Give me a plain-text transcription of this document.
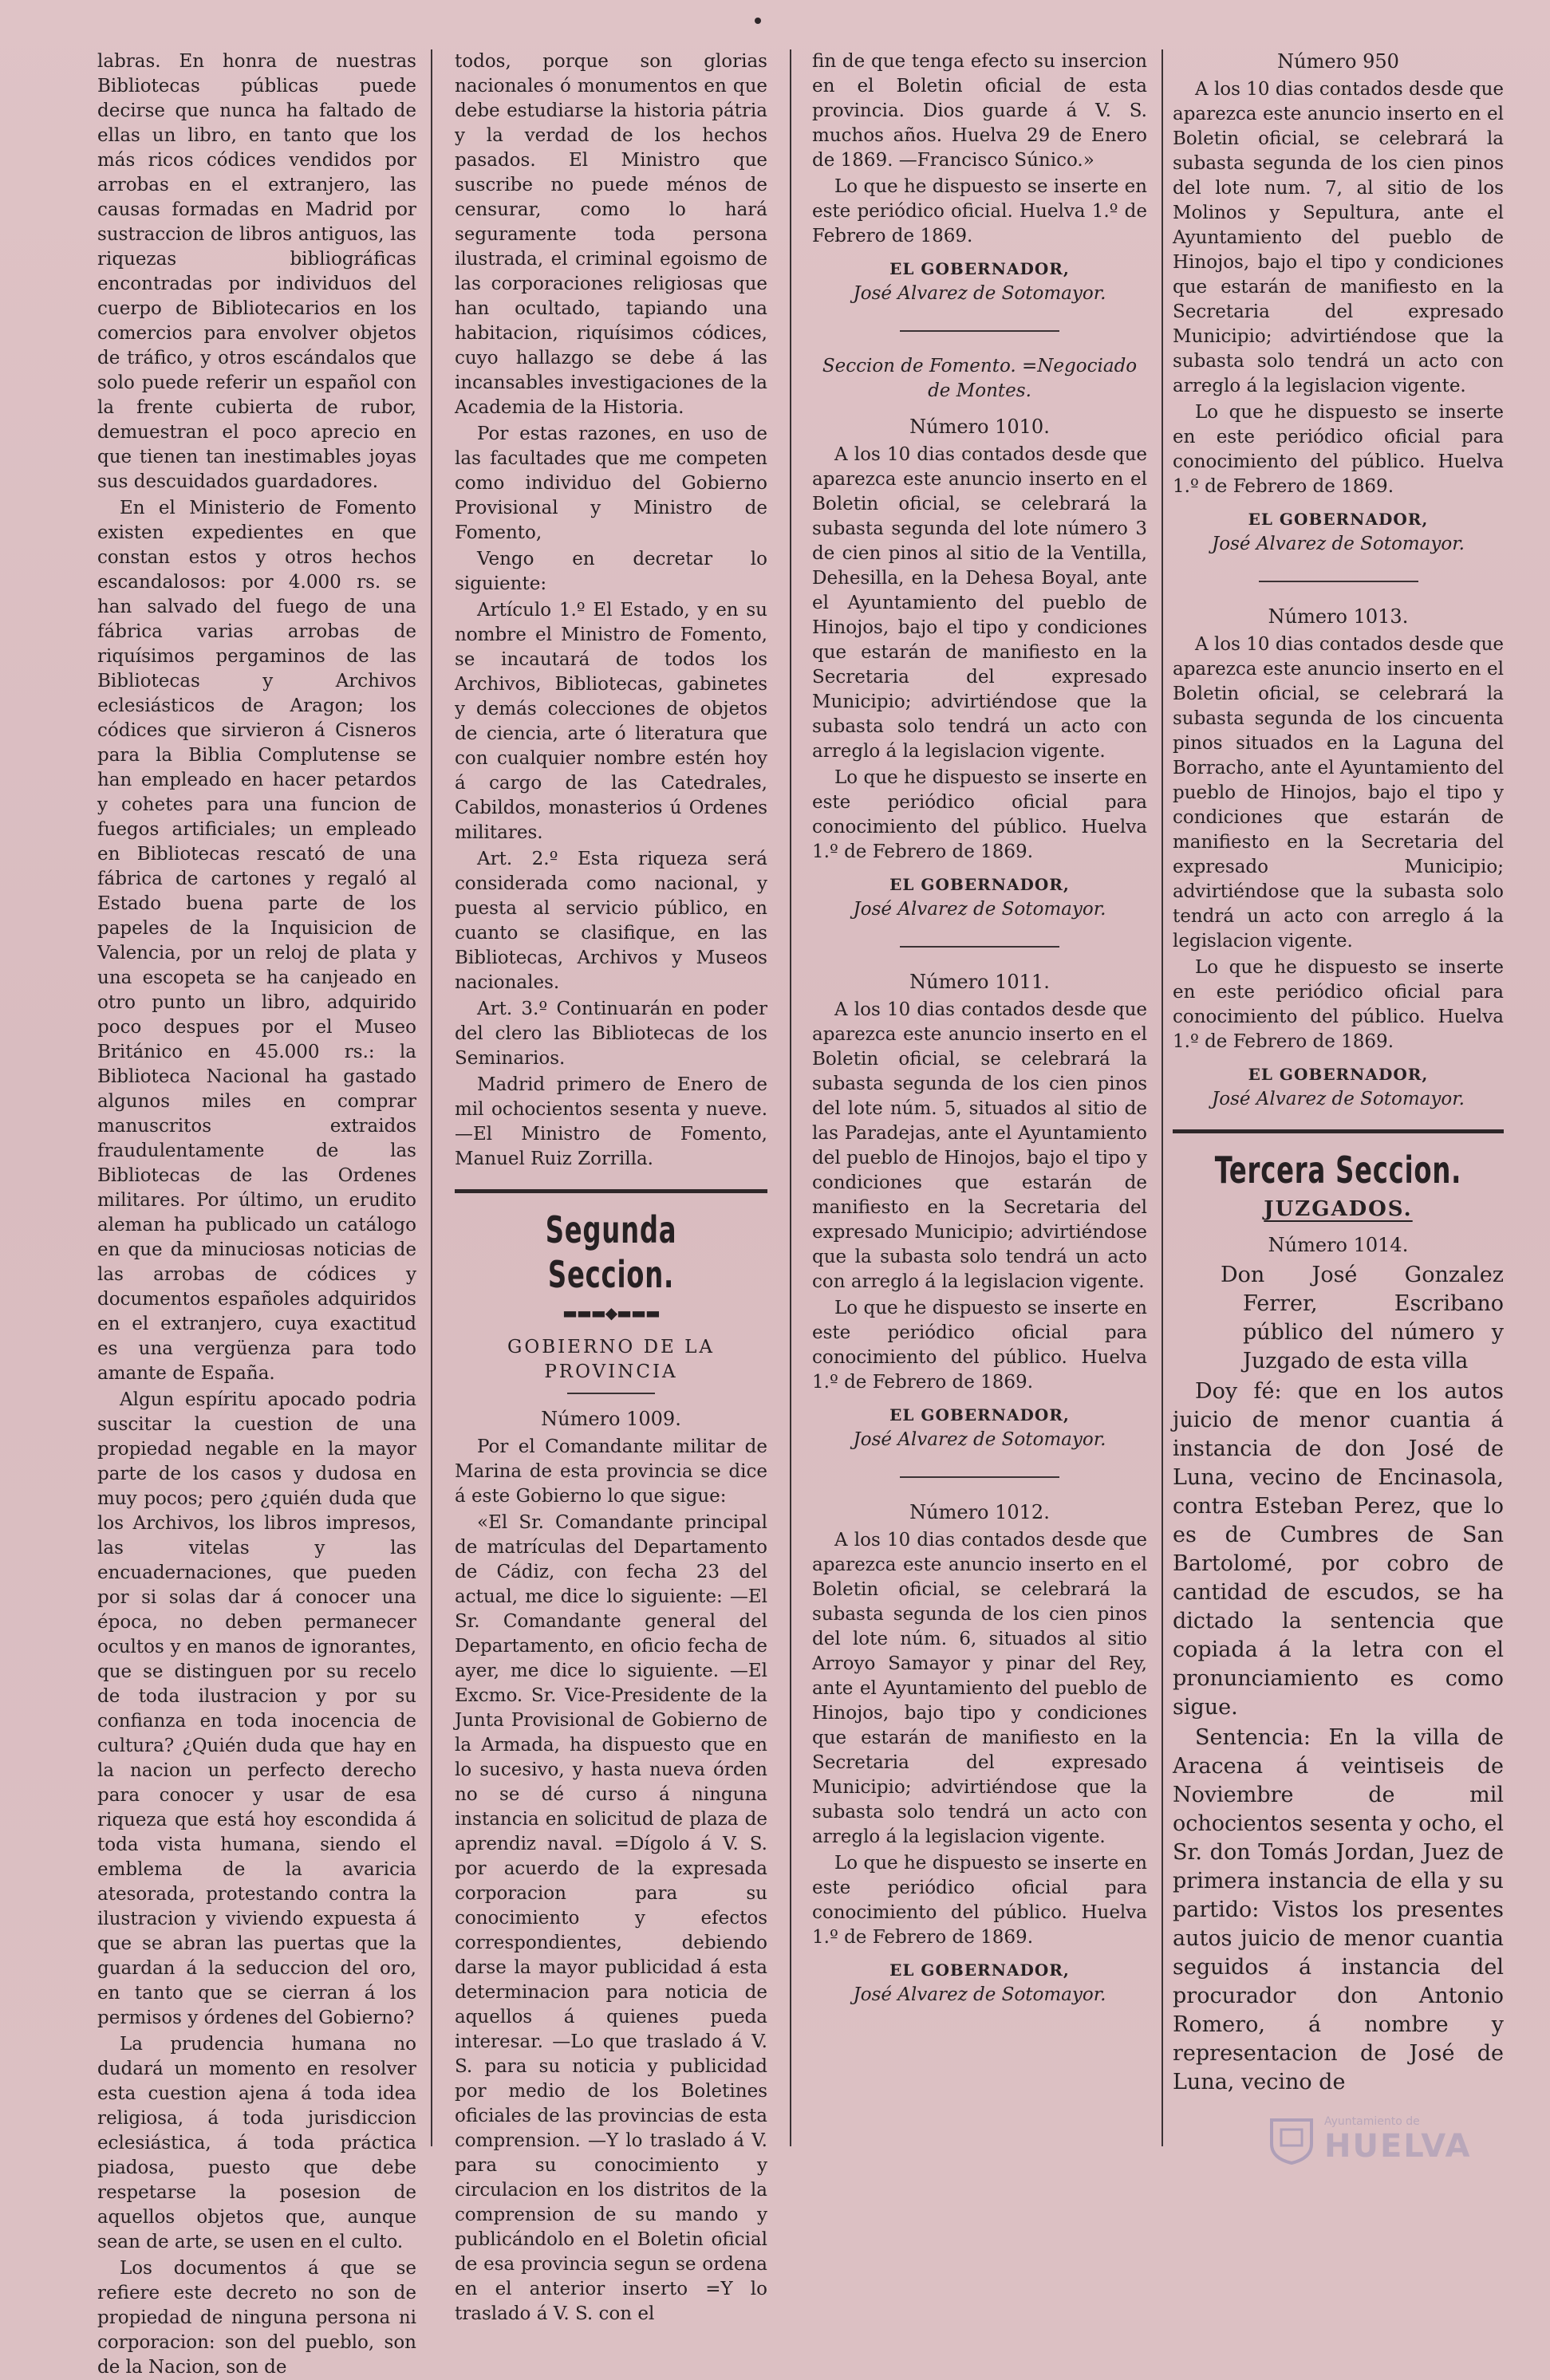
labras. En honra de nuestras Bibliotecas públicas puede decirse que nunca ha faltado de ellas un libro, en tanto que los más ricos códices vendidos por arrobas en el extranjero, las causas formadas en Madrid por sustraccion de libros antiguos, las riquezas bibliográficas encontradas por individuos del cuerpo de Bibliotecarios en los comercios para envolver objetos de tráfico, y otros escándalos que solo puede referir un español con la frente cubierta de rubor, demuestran el poco aprecio en que tienen tan inestimables joyas sus descuidados guardadores.

En el Ministerio de Fomento existen expedientes en que constan estos y otros hechos escandalosos: por 4.000 rs. se han salvado del fuego de una fábrica varias arrobas de riquísimos pergaminos de las Bibliotecas y Archivos eclesiásticos de Aragon; los códices que sirvieron á Cisneros para la Biblia Complutense se han empleado en hacer petardos y cohetes para una funcion de fuegos artificiales; un empleado en Bibliotecas rescató de una fábrica de cartones y regaló al Estado buena parte de los papeles de la Inquisicion de Valencia, por un reloj de plata y una escopeta se ha canjeado en otro punto un libro, adquirido poco despues por el Museo Británico en 45.000 rs.: la Biblioteca Nacional ha gastado algunos miles en comprar manuscritos extraidos fraudulentamente de las Bibliotecas de las Ordenes militares. Por último, un erudito aleman ha publicado un catálogo en que da minuciosas noticias de las arrobas de códices y documentos españoles adquiridos en el extranjero, cuya exactitud es una vergüenza para todo amante de España.

Algun espíritu apocado podria suscitar la cuestion de una propiedad negable en la mayor parte de los casos y dudosa en muy pocos; pero ¿quién duda que los Archivos, los libros impresos, las vitelas y las encuadernaciones, que pueden por si solas dar á conocer una época, no deben permanecer ocultos y en manos de ignorantes, que se distinguen por su recelo de toda ilustracion y por su confianza en toda inocencia de cultura? ¿Quién duda que hay en la nacion un perfecto derecho para conocer y usar de esa riqueza que está hoy escondida á toda vista humana, siendo el emblema de la avaricia atesorada, protestando contra la ilustracion y viviendo expuesta á que se abran las puertas que la guardan á la seduccion del oro, en tanto que se cierran á los permisos y órdenes del Gobierno?

La prudencia humana no dudará un momento en resolver esta cuestion ajena á toda idea religiosa, á toda jurisdiccion eclesiástica, á toda práctica piadosa, puesto que debe respetarse la posesion de aquellos objetos que, aunque sean de arte, se usen en el culto.

Los documentos á que se refiere este decreto no son de propiedad de ninguna persona ni corporacion: son del pueblo, son de la Nacion, son de

todos, porque son glorias nacionales ó monumentos en que debe estudiarse la historia pátria y la verdad de los hechos pasados. El Ministro que suscribe no puede ménos de censurar, como lo hará seguramente toda persona ilustrada, el criminal egoismo de las corporaciones religiosas que han ocultado, tapiando una habitacion, riquísimos códices, cuyo hallazgo se debe á las incansables investigaciones de la Academia de la Historia.

Por estas razones, en uso de las facultades que me competen como individuo del Gobierno Provisional y Ministro de Fomento,

Vengo en decretar lo siguiente:

Artículo 1.º El Estado, y en su nombre el Ministro de Fomento, se incautará de todos los Archivos, Bibliotecas, gabinetes y demás colecciones de objetos de ciencia, arte ó literatura que con cualquier nombre estén hoy á cargo de las Catedrales, Cabildos, monasterios ú Ordenes militares.

Art. 2.º Esta riqueza será considerada como nacional, y puesta al servicio público, en cuanto se clasifique, en las Bibliotecas, Archivos y Museos nacionales.

Art. 3.º Continuarán en poder del clero las Bibliotecas de los Seminarios.

Madrid primero de Enero de mil ochocientos sesenta y nueve.—El Ministro de Fomento, Manuel Ruiz Zorrilla.

Segunda Seccion.
▬▬▬◆▬▬▬
GOBIERNO DE LA PROVINCIA
Número 1009.

Por el Comandante militar de Marina de esta provincia se dice á este Gobierno lo que sigue:

«El Sr. Comandante principal de matrículas del Departamento de Cádiz, con fecha 23 del actual, me dice lo siguiente: —El Sr. Comandante general del Departamento, en oficio fecha de ayer, me dice lo siguiente. —El Excmo. Sr. Vice-Presidente de la Junta Provisional de Gobierno de la Armada, ha dispuesto que en lo sucesivo, y hasta nueva órden no se dé curso á ninguna instancia en solicitud de plaza de aprendiz naval. =Dígolo á V. S. por acuerdo de la expresada corporacion para su conocimiento y efectos correspondientes, debiendo darse la mayor publicidad á esta determinacion para noticia de aquellos á quienes pueda interesar. —Lo que traslado á V. S. para su noticia y publicidad por medio de los Boletines oficiales de las provincias de esta comprension. —Y lo traslado á V. para su conocimiento y circulacion en los distritos de la comprension de su mando y publicándolo en el Boletin oficial de esa provincia segun se ordena en el anterior inserto =Y lo traslado á V. S. con el

fin de que tenga efecto su insercion en el Boletin oficial de esta provincia. Dios guarde á V. S. muchos años. Huelva 29 de Enero de 1869. —Francisco Súnico.»

Lo que he dispuesto se inserte en este periódico oficial. Huelva 1.º de Febrero de 1869.

EL GOBERNADOR,
José Alvarez de Sotomayor.
Seccion de Fomento. =Negociado de Montes.
Número 1010.

A los 10 dias contados desde que aparezca este anuncio inserto en el Boletin oficial, se celebrará la subasta segunda del lote número 3 de cien pinos al sitio de la Ventilla, Dehesilla, en la Dehesa Boyal, ante el Ayuntamiento del pueblo de Hinojos, bajo el tipo y condiciones que estarán de manifiesto en la Secretaria del expresado Municipio; advirtiéndose que la subasta solo tendrá un acto con arreglo á la legislacion vigente.

Lo que he dispuesto se inserte en este periódico oficial para conocimiento del público. Huelva 1.º de Febrero de 1869.

EL GOBERNADOR,
José Alvarez de Sotomayor.
Número 1011.

A los 10 dias contados desde que aparezca este anuncio inserto en el Boletin oficial, se celebrará la subasta segunda de los cien pinos del lote núm. 5, situados al sitio de las Paradejas, ante el Ayuntamiento del pueblo de Hinojos, bajo el tipo y condiciones que estarán de manifiesto en la Secretaria del expresado Municipio; advirtiéndose que la subasta solo tendrá un acto con arreglo á la legislacion vigente.

Lo que he dispuesto se inserte en este periódico oficial para conocimiento del público. Huelva 1.º de Febrero de 1869.

EL GOBERNADOR,
José Alvarez de Sotomayor.
Número 1012.

A los 10 dias contados desde que aparezca este anuncio inserto en el Boletin oficial, se celebrará la subasta segunda de los cien pinos del lote núm. 6, situados al sitio Arroyo Samayor y pinar del Rey, ante el Ayuntamiento del pueblo de Hinojos, bajo tipo y condiciones que estarán de manifiesto en la Secretaria del expresado Municipio; advirtiéndose que la subasta solo tendrá un acto con arreglo á la legislacion vigente.

Lo que he dispuesto se inserte en este periódico oficial para conocimiento del público. Huelva 1.º de Febrero de 1869.

EL GOBERNADOR,
José Alvarez de Sotomayor.
Número 950

A los 10 dias contados desde que aparezca este anuncio inserto en el Boletin oficial, se celebrará la subasta segunda de los cien pinos del lote num. 7, al sitio de los Molinos y Sepultura, ante el Ayuntamiento del pueblo de Hinojos, bajo el tipo y condiciones que estarán de manifiesto en la Secretaria del expresado Municipio; advirtiéndose que la subasta solo tendrá un acto con arreglo á la legislacion vigente.

Lo que he dispuesto se inserte en este periódico oficial para conocimiento del público. Huelva 1.º de Febrero de 1869.

EL GOBERNADOR,
José Alvarez de Sotomayor.
Número 1013.

A los 10 dias contados desde que aparezca este anuncio inserto en el Boletin oficial, se celebrará la subasta segunda de los cincuenta pinos situados en la Laguna del Borracho, ante el Ayuntamiento del pueblo de Hinojos, bajo el tipo y condiciones que estarán de manifiesto en la Secretaria del expresado Municipio; advirtiéndose que la subasta solo tendrá un acto con arreglo á la legislacion vigente.

Lo que he dispuesto se inserte en este periódico oficial para conocimiento del público. Huelva 1.º de Febrero de 1869.

EL GOBERNADOR,
José Alvarez de Sotomayor.
Tercera Seccion.
JUZGADOS.
Número 1014.

Don José Gonzalez Ferrer, Escribano público del número y Juzgado de esta villa

Doy fé: que en los autos juicio de menor cuantia á instancia de don José de Luna, vecino de Encinasola, contra Esteban Perez, que lo es de Cumbres de San Bartolomé, por cobro de cantidad de escudos, se ha dictado la sentencia que copiada á la letra con el pronunciamiento es como sigue.

Sentencia: En la villa de Aracena á veintiseis de Noviembre de mil ochocientos sesenta y ocho, el Sr. don Tomás Jordan, Juez de primera instancia de ella y su partido: Vistos los presentes autos juicio de menor cuantia seguidos á instancia del procurador don Antonio Romero, á nombre y representacion de José de Luna, vecino de

Ayuntamiento de
HUELVA
